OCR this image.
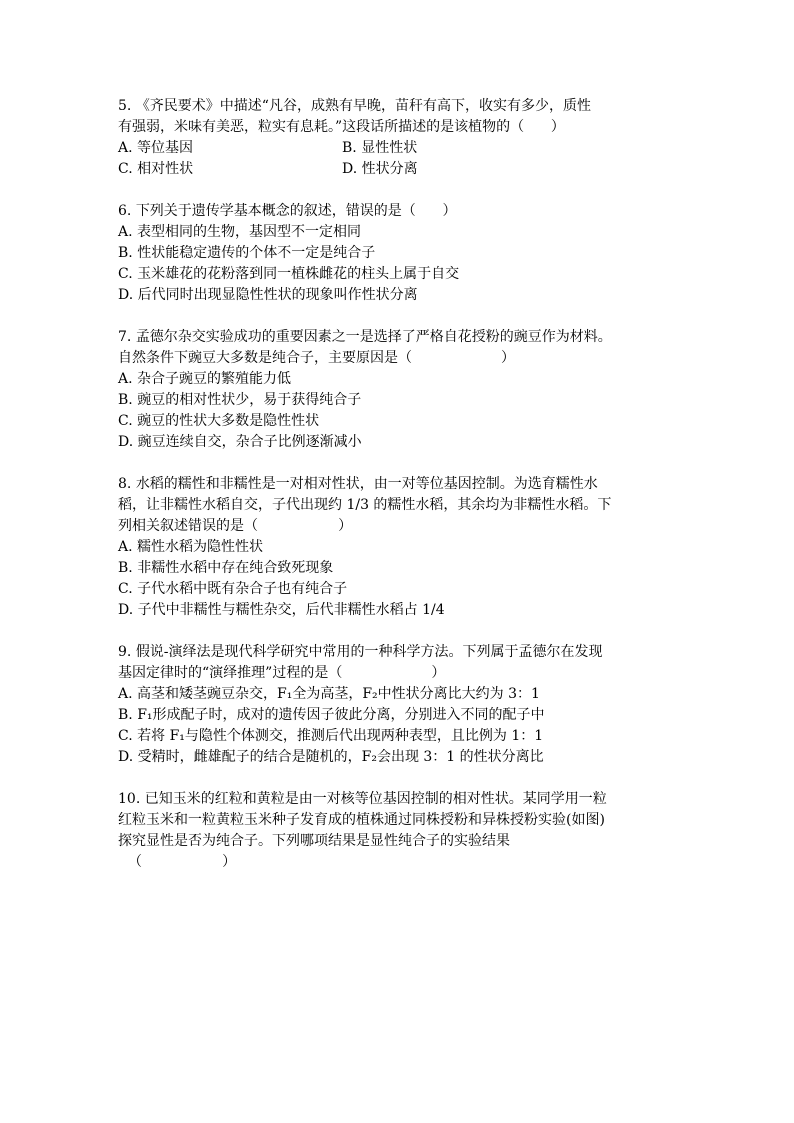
5. 《齐民要术》中描述“凡谷，成熟有早晚，苗秆有高下，收实有多少，质性
有强弱，米味有美恶，粒实有息耗。”这段话所描述的是该植物的（      ）
A. 等位基因	B. 显性性状
C. 相对性状	D. 性状分离
6. 下列关于遗传学基本概念的叙述，错误的是（      ）
A. 表型相同的生物，基因型不一定相同
B. 性状能稳定遗传的个体不一定是纯合子
C. 玉米雄花的花粉落到同一植株雌花的柱头上属于自交
D. 后代同时出现显隐性性状的现象叫作性状分离
7. 孟德尔杂交实验成功的重要因素之一是选择了严格自花授粉的豌豆作为材料。
自然条件下豌豆大多数是纯合子，主要原因是（                    ）
A. 杂合子豌豆的繁殖能力低
B. 豌豆的相对性状少，易于获得纯合子
C. 豌豆的性状大多数是隐性性状
D. 豌豆连续自交，杂合子比例逐渐减小
8. 水稻的糯性和非糯性是一对相对性状，由一对等位基因控制。为选育糯性水
稻，让非糯性水稻自交，子代出现约 1/3 的糯性水稻，其余均为非糯性水稻。下
列相关叙述错误的是（                  ）
A. 糯性水稻为隐性性状
B. 非糯性水稻中存在纯合致死现象
C. 子代水稻中既有杂合子也有纯合子
D. 子代中非糯性与糯性杂交，后代非糯性水稻占 1/4
9. 假说-演绎法是现代科学研究中常用的一种科学方法。下列属于孟德尔在发现
基因定律时的“演绎推理”过程的是（                    ）
A. 高茎和矮茎豌豆杂交，F₁全为高茎，F₂中性状分离比大约为 3：1
B. F₁形成配子时，成对的遗传因子彼此分离，分别进入不同的配子中
C. 若将 F₁与隐性个体测交，推测后代出现两种表型，且比例为 1：1
D. 受精时，雌雄配子的结合是随机的，F₂会出现 3：1 的性状分离比
10. 已知玉米的红粒和黄粒是由一对核等位基因控制的相对性状。某同学用一粒
红粒玉米和一粒黄粒玉米种子发育成的植株通过同株授粉和异株授粉实验(如图)
探究显性是否为纯合子。下列哪项结果是显性纯合子的实验结果
（                  ）
